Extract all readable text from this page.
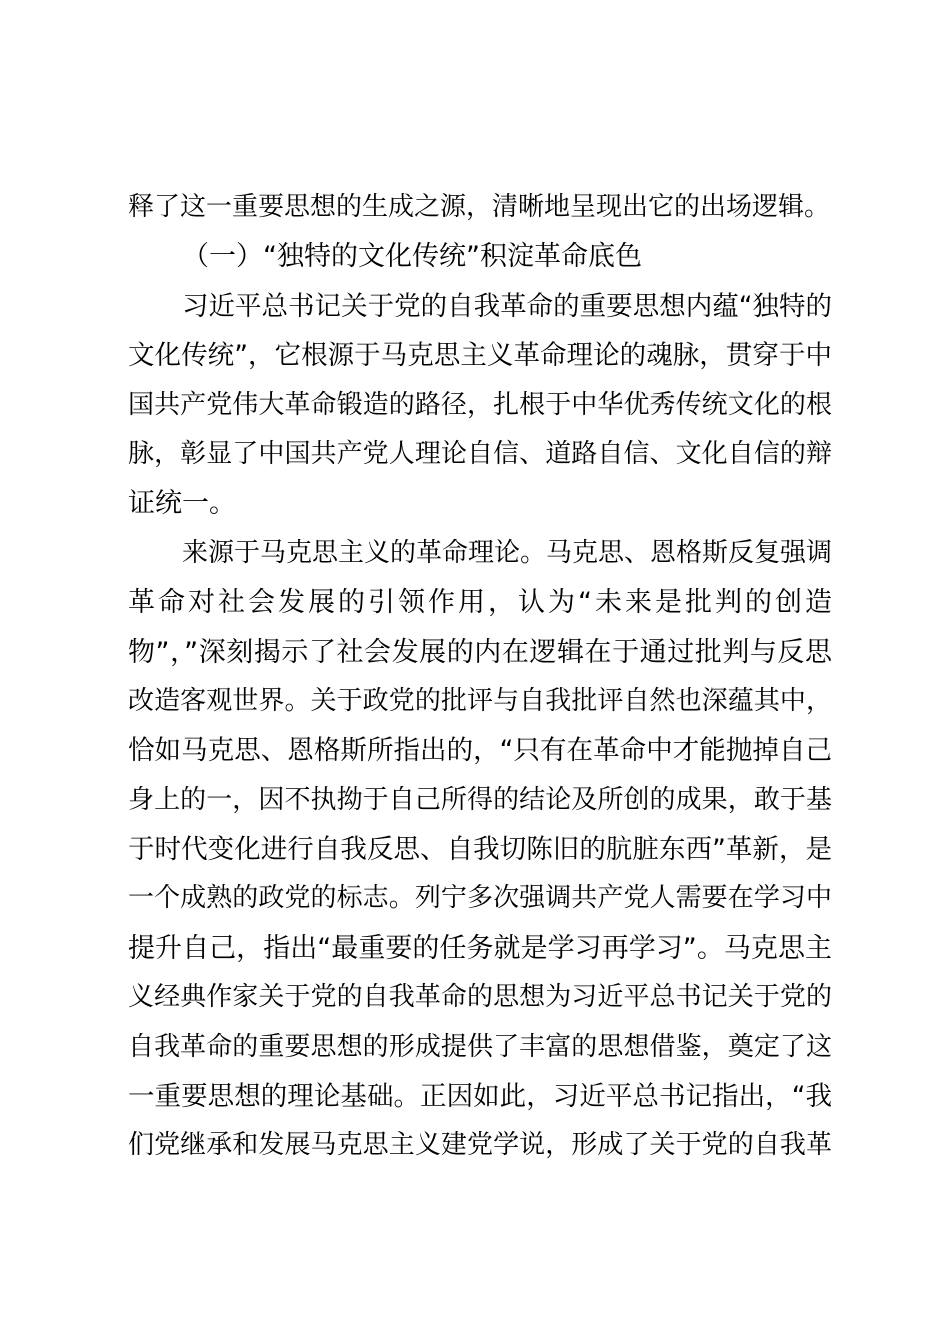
释了这一重要思想的生成之源，清晰地呈现出它的出场逻辑。
（一）“独特的文化传统”积淀革命底色
习近平总书记关于党的自我革命的重要思想内蕴“独特的
文化传统”，它根源于马克思主义革命理论的魂脉，贯穿于中
国共产党伟大革命锻造的路径，扎根于中华优秀传统文化的根
脉，彰显了中国共产党人理论自信、道路自信、文化自信的辩
证统一。
来源于马克思主义的革命理论。马克思、恩格斯反复强调
革命对社会发展的引领作用，认为“未来是批判的创造
物”，”深刻揭示了社会发展的内在逻辑在于通过批判与反思
改造客观世界。关于政党的批评与自我批评自然也深蕴其中，
恰如马克思、恩格斯所指出的，“只有在革命中才能抛掉自己
身上的一，因不执拗于自己所得的结论及所创的成果，敢于基
于时代变化进行自我反思、自我切陈旧的肮脏东西”革新，是
一个成熟的政党的标志。列宁多次强调共产党人需要在学习中
提升自己，指出“最重要的任务就是学习再学习”。马克思主
义经典作家关于党的自我革命的思想为习近平总书记关于党的
自我革命的重要思想的形成提供了丰富的思想借鉴，奠定了这
一重要思想的理论基础。正因如此，习近平总书记指出，“我
们党继承和发展马克思主义建党学说，形成了关于党的自我革
